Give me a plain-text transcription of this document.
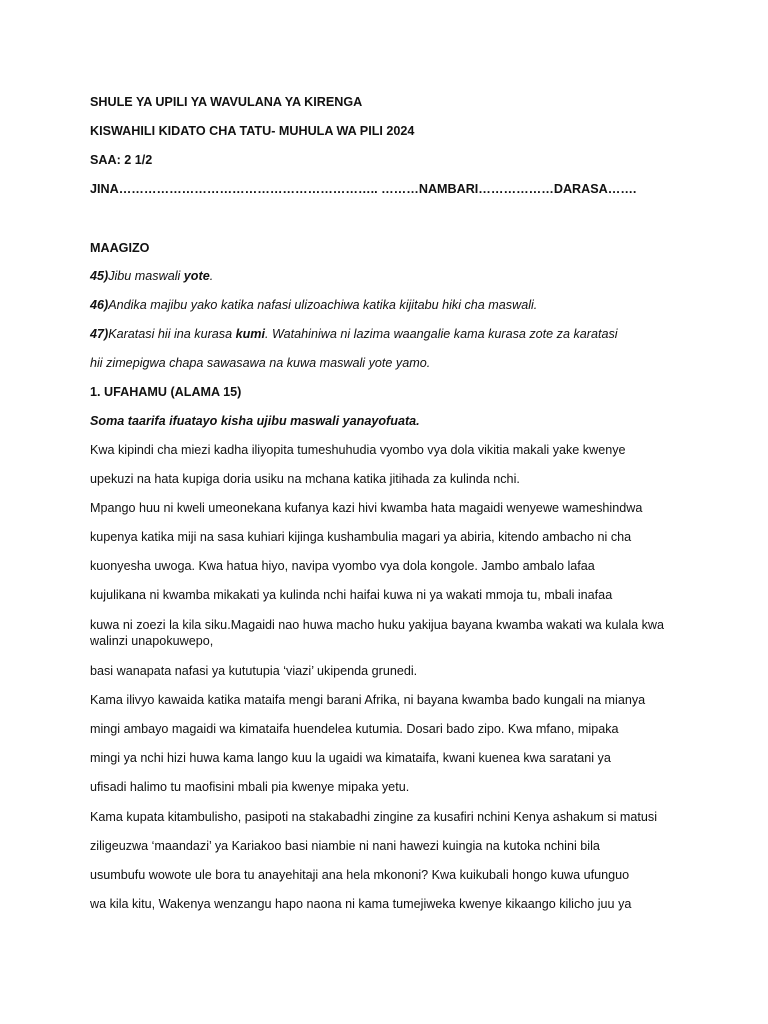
SHULE YA UPILI YA WAVULANA YA KIRENGA

KISWAHILI KIDATO CHA TATU- MUHULA WA PILI 2024

SAA: 2 1/2

JINA…………………………………………………….. ………NAMBARI………………DARASA…….

MAAGIZO

45)Jibu maswali yote.

46)Andika majibu yako katika nafasi ulizoachiwa katika kijitabu hiki cha maswali.

47)Karatasi hii ina kurasa kumi. Watahiniwa ni lazima waangalie kama kurasa zote za karatasi

hii zimepigwa chapa sawasawa na kuwa maswali yote yamo.

1. UFAHAMU (ALAMA 15)

Soma taarifa ifuatayo kisha ujibu maswali yanayofuata.

Kwa kipindi cha miezi kadha iliyopita tumeshuhudia vyombo vya dola vikitia makali yake kwenye

upekuzi na hata kupiga doria usiku na mchana katika jitihada za kulinda nchi.

Mpango huu ni kweli umeonekana kufanya kazi hivi kwamba hata magaidi wenyewe wameshindwa

kupenya katika miji na sasa kuhiari kijinga kushambulia magari ya abiria, kitendo ambacho ni cha

kuonyesha uwoga. Kwa hatua hiyo, navipa vyombo vya dola kongole. Jambo ambalo lafaa

kujulikana ni kwamba mikakati ya kulinda nchi haifai kuwa ni ya wakati mmoja tu, mbali inafaa

kuwa ni zoezi la kila siku.Magaidi nao huwa macho huku yakijua bayana kwamba wakati wa kulala kwa walinzi unapokuwepo,

basi wanapata nafasi ya kututupia ‘viazi’ ukipenda grunedi.

Kama ilivyo kawaida katika mataifa mengi barani Afrika, ni bayana kwamba bado kungali na mianya

mingi ambayo magaidi wa kimataifa huendelea kutumia. Dosari bado zipo. Kwa mfano, mipaka

mingi ya nchi hizi huwa kama lango kuu la ugaidi wa kimataifa, kwani kuenea kwa saratani ya

ufisadi halimo tu maofisini mbali pia kwenye mipaka yetu.

Kama kupata kitambulisho, pasipoti na stakabadhi zingine za kusafiri nchini Kenya ashakum si matusi

ziligeuzwa ‘maandazi’ ya Kariakoo basi niambie ni nani hawezi kuingia na kutoka nchini bila

usumbufu wowote ule bora tu anayehitaji ana hela mkononi? Kwa kuikubali hongo kuwa ufunguo

wa kila kitu, Wakenya wenzangu hapo naona ni kama tumejiweka kwenye kikaango kilicho juu ya
